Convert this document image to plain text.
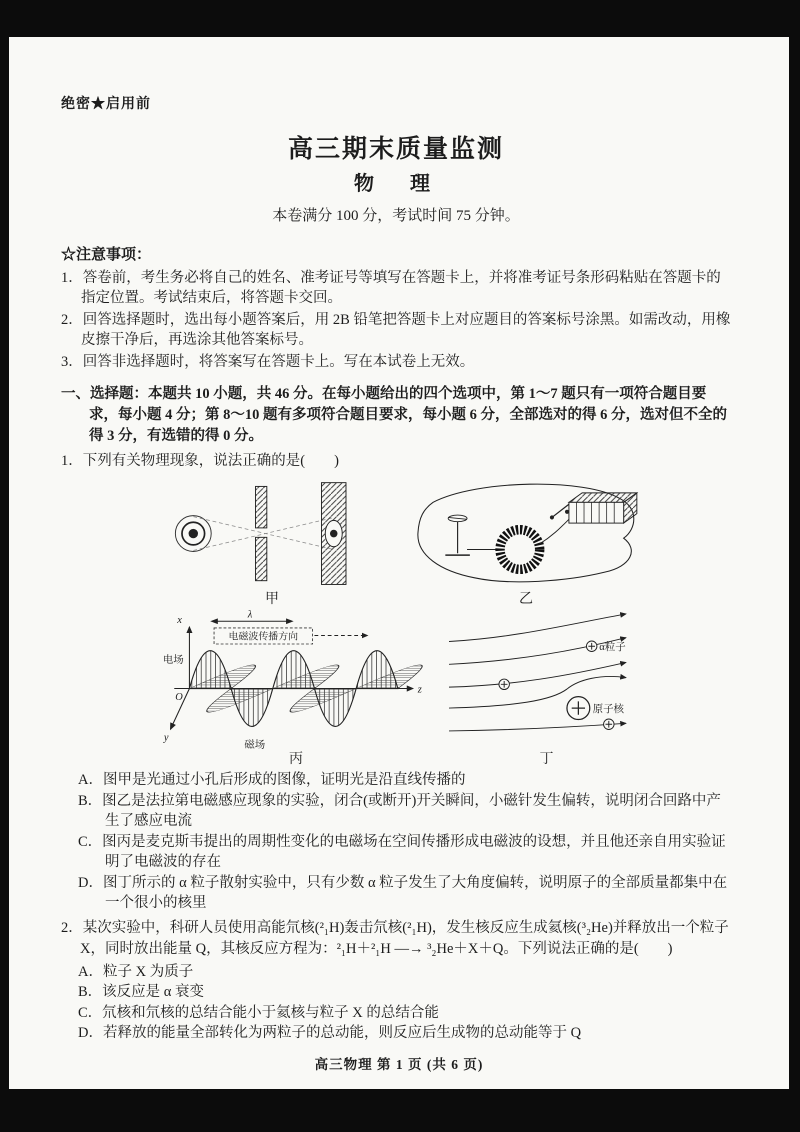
绝密★启用前
高三期末质量监测
物　理
本卷满分 100 分，考试时间 75 分钟。
☆注意事项：
1．答卷前，考生务必将自己的姓名、准考证号等填写在答题卡上，并将准考证号条形码粘贴在答题卡的指定位置。考试结束后，将答题卡交回。
2．回答选择题时，选出每小题答案后，用 2B 铅笔把答题卡上对应题目的答案标号涂黑。如需改动，用橡皮擦干净后，再选涂其他答案标号。
3．回答非选择题时，将答案写在答题卡上。写在本试卷上无效。
一、选择题：本题共 10 小题，共 46 分。在每小题给出的四个选项中，第 1～7 题只有一项符合题目要求，每小题 4 分；第 8～10 题有多项符合题目要求，每小题 6 分，全部选对的得 6 分，选对但不全的得 3 分，有选错的得 0 分。
1．下列有关物理现象，说法正确的是(　　)
甲	乙
λ
电磁波传播方向
电场
磁场
x
z
y
O
丙
α粒子
原子核
丁
A．图甲是光通过小孔后形成的图像，证明光是沿直线传播的
B．图乙是法拉第电磁感应现象的实验，闭合(或断开)开关瞬间，小磁针发生偏转，说明闭合回路中产生了感应电流
C．图丙是麦克斯韦提出的周期性变化的电磁场在空间传播形成电磁波的设想，并且他还亲自用实验证明了电磁波的存在
D．图丁所示的 α 粒子散射实验中，只有少数 α 粒子发生了大角度偏转，说明原子的全部质量都集中在一个很小的核里
2．某次实验中，科研人员使用高能氘核(²₁H)轰击氘核(²₁H)，发生核反应生成氦核(³₂He)并释放出一个粒子 X，同时放出能量 Q，其核反应方程为：²₁H＋²₁H ―→ ³₂He＋X＋Q。下列说法正确的是(　　)
A．粒子 X 为质子
B．该反应是 α 衰变
C．氘核和氘核的总结合能小于氦核与粒子 X 的总结合能
D．若释放的能量全部转化为两粒子的总动能，则反应后生成物的总动能等于 Q
高三物理 第 1 页 (共 6 页)
